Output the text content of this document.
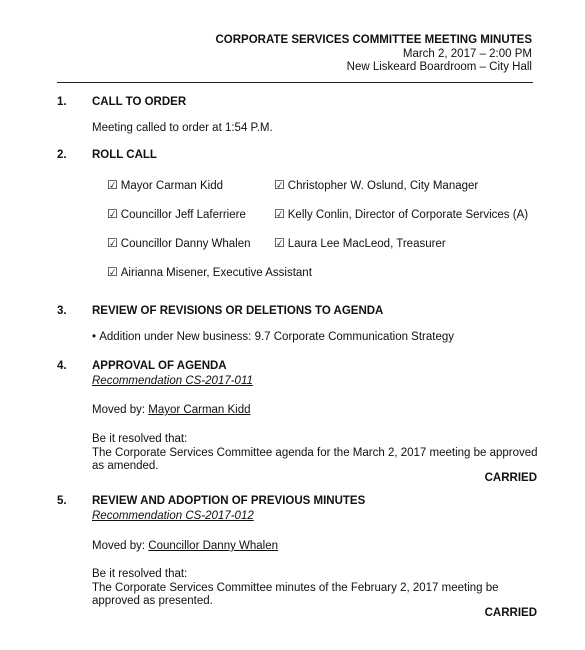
CORPORATE SERVICES COMMITTEE MEETING MINUTES
March 2, 2017 – 2:00 PM
New Liskeard Boardroom – City Hall
1. CALL TO ORDER
Meeting called to order at 1:54 P.M.
2. ROLL CALL
☑ Mayor Carman Kidd	☑ Christopher W. Oslund, City Manager
☑ Councillor Jeff Laferriere	☑ Kelly Conlin, Director of Corporate Services (A)
☑ Councillor Danny Whalen	☑ Laura Lee MacLeod, Treasurer
☑ Airianna Misener, Executive Assistant
3. REVIEW OF REVISIONS OR DELETIONS TO AGENDA
• Addition under New business: 9.7 Corporate Communication Strategy
4. APPROVAL OF AGENDA
Recommendation CS-2017-011
Moved by: Mayor Carman Kidd
Be it resolved that:
The Corporate Services Committee agenda for the March 2, 2017 meeting be approved
as amended.
CARRIED
5. REVIEW AND ADOPTION OF PREVIOUS MINUTES
Recommendation CS-2017-012
Moved by: Councillor Danny Whalen
Be it resolved that:
The Corporate Services Committee minutes of the February 2, 2017 meeting be
approved as presented.
CARRIED
